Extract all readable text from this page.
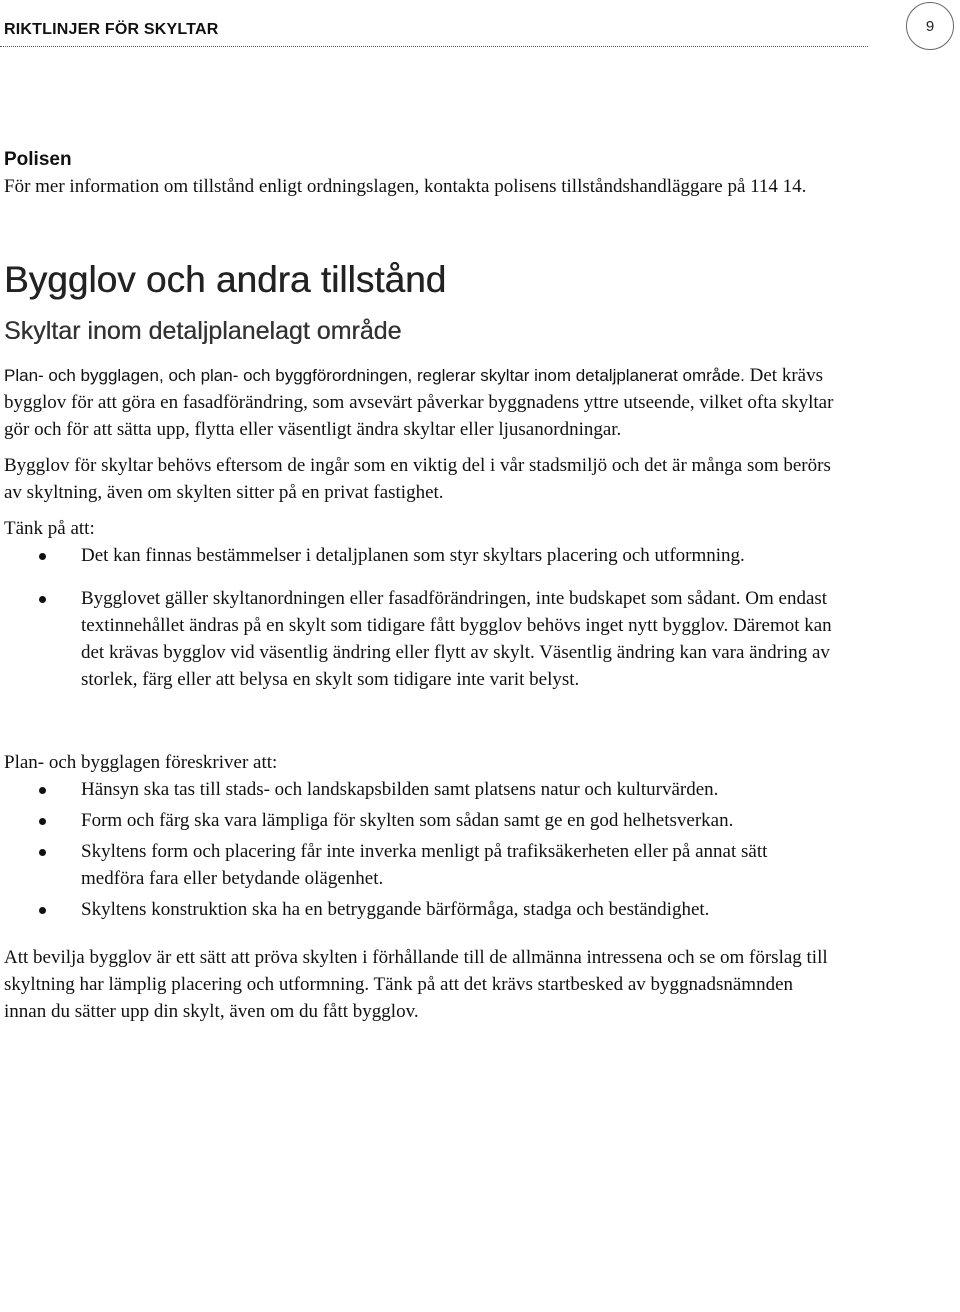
RIKTLINJER FÖR SKYLTAR	9
Polisen

För mer information om tillstånd enligt ordningslagen, kontakta polisens tillståndshandläggare på 114 14.

Bygglov och andra tillstånd
Skyltar inom detaljplanelagt område

Plan- och bygglagen, och plan- och byggförordningen, reglerar skyltar inom detaljplanerat område. Det krävs bygglov för att göra en fasadförändring, som avsevärt påverkar byggnadens yttre utseende, vilket ofta skyltar gör och för att sätta upp, flytta eller väsentligt ändra skyltar eller ljusanordningar.

Bygglov för skyltar behövs eftersom de ingår som en viktig del i vår stadsmiljö och det är många som berörs av skyltning, även om skylten sitter på en privat fastighet.

Tänk på att:

Det kan finnas bestämmelser i detaljplanen som styr skyltars placering och utformning.
Bygglovet gäller skyltanordningen eller fasadförändringen, inte budskapet som sådant. Om endast textinnehållet ändras på en skylt som tidigare fått bygglov behövs inget nytt bygglov. Däremot kan det krävas bygglov vid väsentlig ändring eller flytt av skylt. Väsentlig ändring kan vara ändring av storlek, färg eller att belysa en skylt som tidigare inte varit belyst.

Plan- och bygglagen föreskriver att:

Hänsyn ska tas till stads- och landskapsbilden samt platsens natur och kulturvärden.
Form och färg ska vara lämpliga för skylten som sådan samt ge en god helhetsverkan.
Skyltens form och placering får inte inverka menligt på trafiksäkerheten eller på annat sätt medföra fara eller betydande olägenhet.
Skyltens konstruktion ska ha en betryggande bärförmåga, stadga och beständighet.

Att bevilja bygglov är ett sätt att pröva skylten i förhållande till de allmänna intressena och se om förslag till skyltning har lämplig placering och utformning. Tänk på att det krävs startbesked av byggnadsnämnden innan du sätter upp din skylt, även om du fått bygglov.
